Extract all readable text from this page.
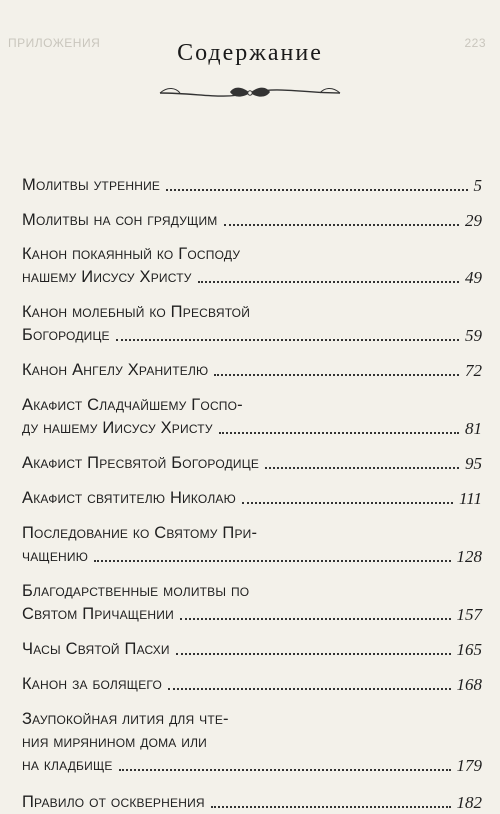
ПРИЛОЖЕНИЯ	223
Содержание
Молитвы утренние	5
Молитвы на сон грядущим	29
Канон покаянный ко Господу
нашему Иисусу Христу	49
Канон молебный ко Пресвятой
Богородице	59
Канон Ангелу Хранителю	72
Акафист Сладчайшему Госпо-
ду нашему Иисусу Христу	81
Акафист Пресвятой Богородице	95
Акафист святителю Николаю	111
Последование ко Святому При-
чащению	128
Благодарственные молитвы по
Святом Причащении	157
Часы Святой Пасхи	165
Канон за болящего	168
Заупокойная лития для чте-
ния мирянином дома или
на кладбище	179
Правило от осквернения	182
